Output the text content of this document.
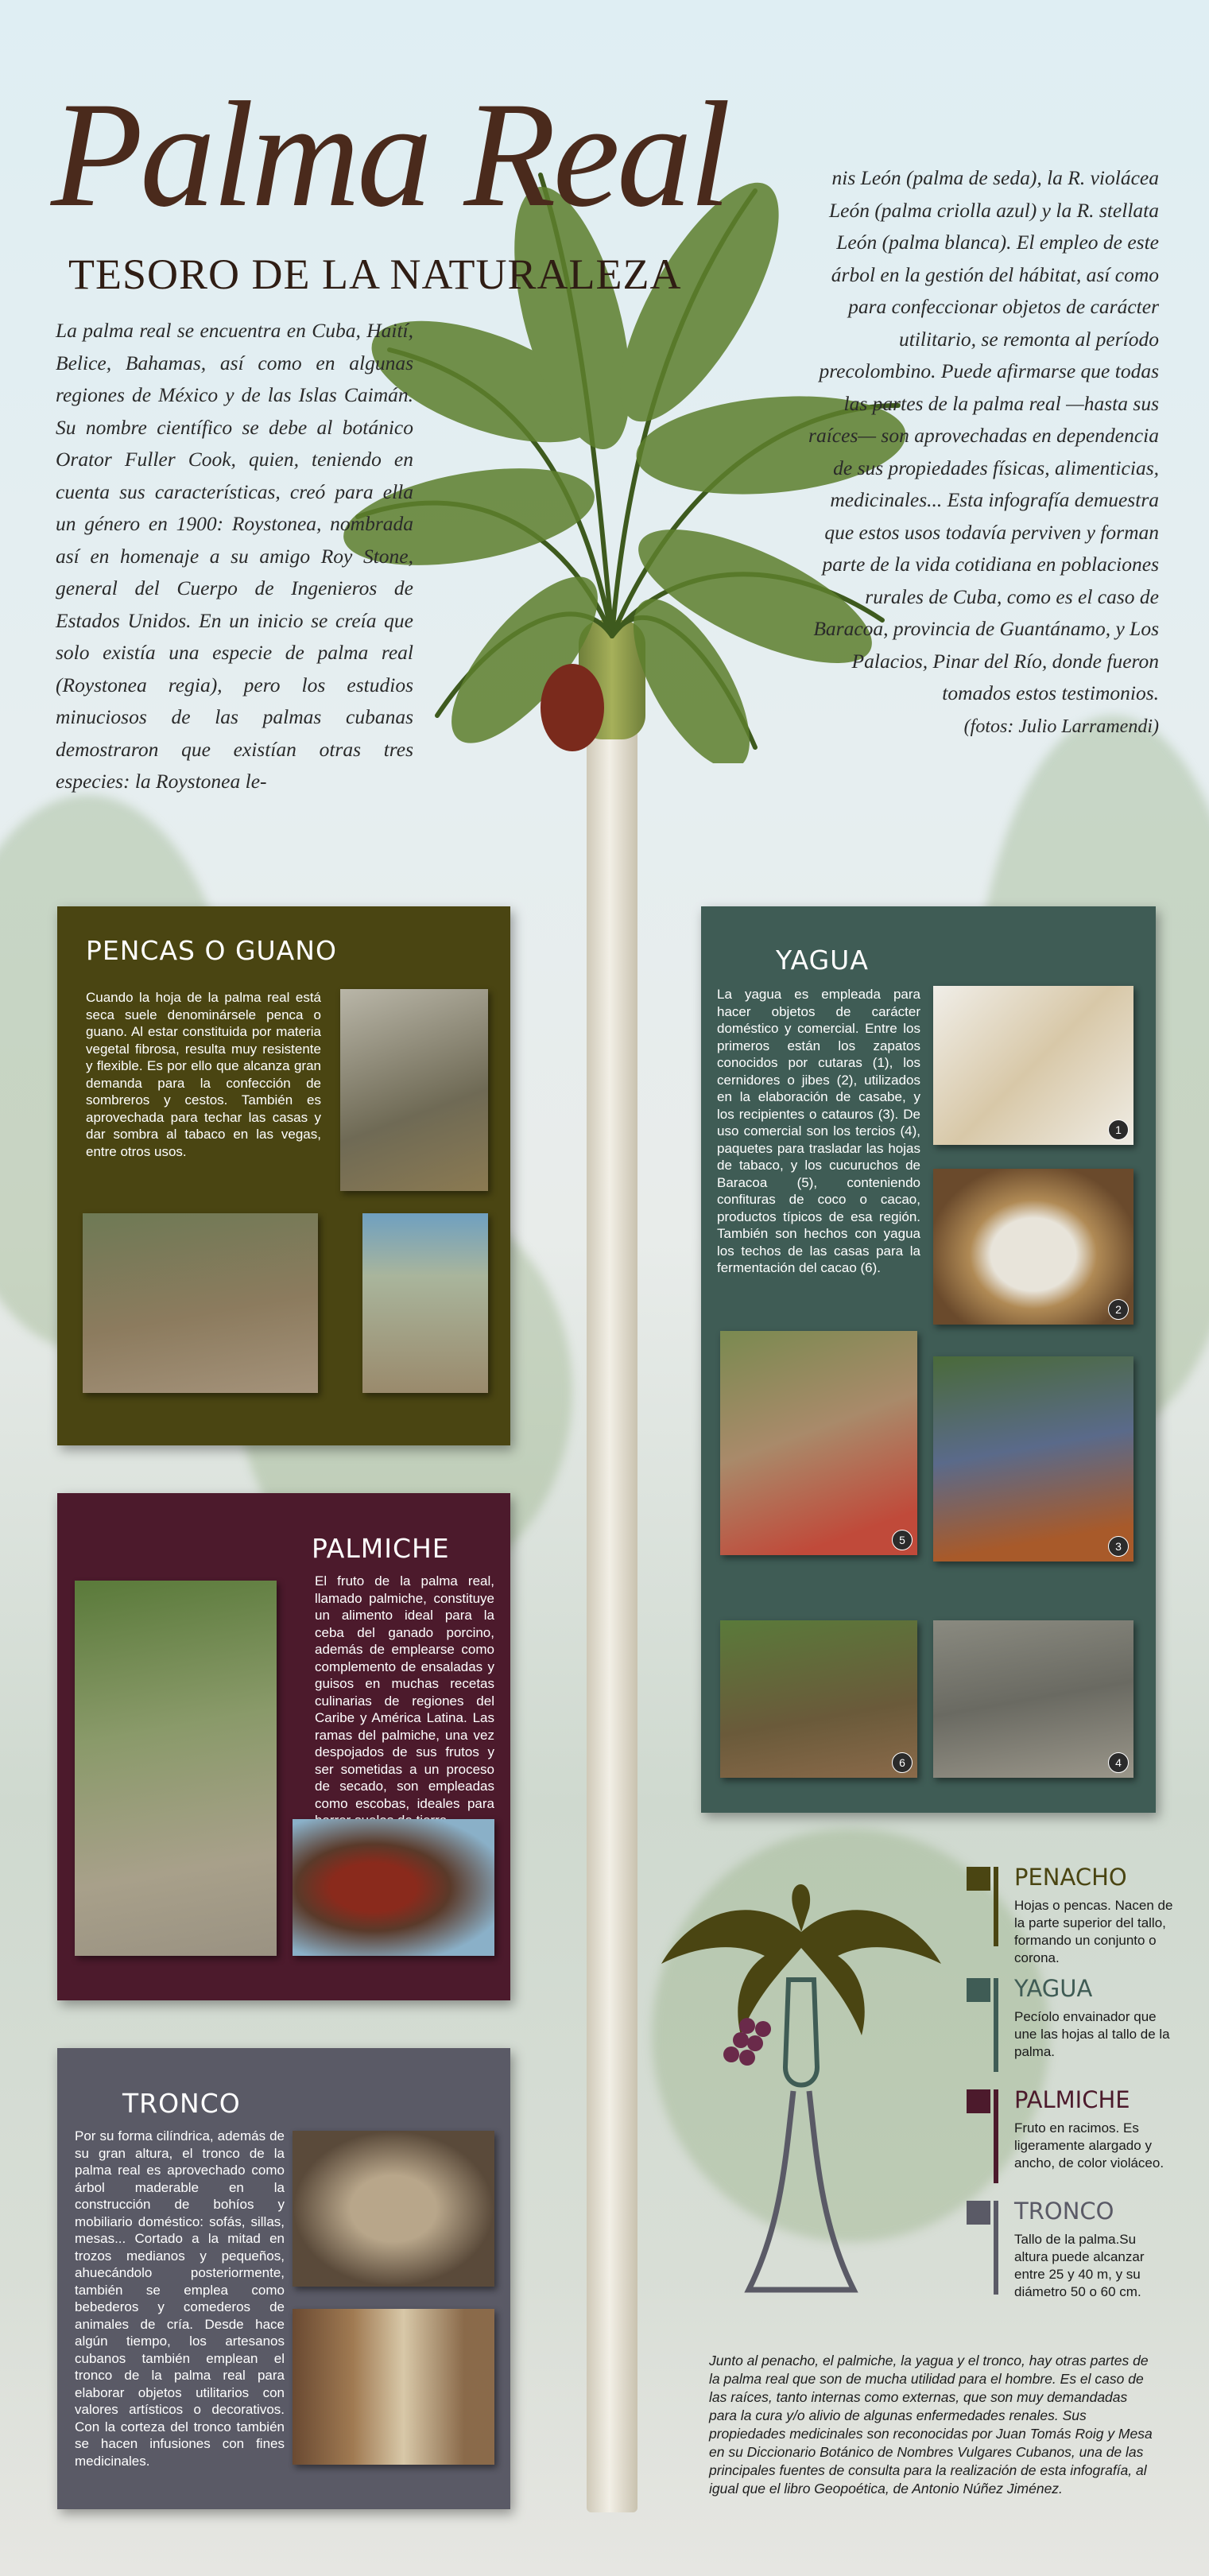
Palma Real
TESORO DE LA NATURALEZA
La palma real se encuentra en Cuba, Haití, Belice, Bahamas, así como en algunas regiones de México y de las Islas Caimán. Su nombre científico se debe al botánico Orator Fuller Cook, quien, teniendo en cuenta sus características, creó para ella un género en 1900: Roystonea, nombrada así en homenaje a su amigo Roy Stone, general del Cuerpo de Ingenieros de Estados Unidos. En un inicio se creía que solo existía una especie de palma real (Roystonea regia), pero los estudios minuciosos de las palmas cubanas demostraron que existían otras tres especies: la Roystonea le-
nis León (palma de seda), la R. violácea León (palma criolla azul) y la R. stellata León (palma blanca). El empleo de este árbol en la gestión del hábitat, así como para confeccionar objetos de carácter utilitario, se remonta al período precolombino. Puede afirmarse que todas las partes de la palma real —hasta sus raíces— son aprovechadas en dependencia de sus propiedades físicas, alimenticias, medicinales... Esta infografía demuestra que estos usos todavía perviven y forman parte de la vida cotidiana en poblaciones rurales de Cuba, como es el caso de Baracoa, provincia de Guantánamo, y Los Palacios, Pinar del Río, donde fueron tomados estos testimonios.
(fotos: Julio Larramendi)
PENCAS O GUANO
Cuando la hoja de la palma real está seca suele denominársele penca o guano. Al estar constituida por materia vegetal fibrosa, resulta muy resistente y flexible. Es por ello que alcanza gran demanda para la confección de sombreros y cestos. También es aprovechada para techar las casas y dar sombra al tabaco en las vegas, entre otros usos.
YAGUA
La yagua es empleada para hacer objetos de carácter doméstico y comercial. Entre los primeros están los zapatos conocidos por cutaras (1), los cernidores o jibes (2), utilizados en la elaboración de casabe, y los recipientes o catauros (3). De uso comercial son los tercios (4), paquetes para trasladar las hojas de tabaco, y los cucuruchos de Baracoa (5), conteniendo confituras de coco o cacao, productos típicos de esa región. También son hechos con yagua los techos de las casas para la fermentación del cacao (6).
1
2
5	3
6	4
PALMICHE
El fruto de la palma real, llamado palmiche, constituye un alimento ideal para la ceba del ganado porcino, además de emplearse como complemento de ensaladas y guisos en muchas recetas culinarias de regiones del Caribe y América Latina. Las ramas del palmiche, una vez despojados de sus frutos y ser sometidas a un proceso de secado, son empleadas como escobas, ideales para
TRONCO
Por su forma cilíndrica, además de su gran altura, el tronco de la palma real es aprovechado como árbol maderable en la construcción de bohíos y mobiliario doméstico: sofás, sillas, mesas... Cortado a la mitad en trozos medianos y pequeños, ahuecándolo posteriormente, también se emplea como bebederos y comederos de animales de cría. Desde hace algún tiempo, los artesanos cubanos también emplean el tronco de la palma real para elaborar objetos utilitarios con valores artísticos o decorativos. Con la corteza del tronco también se hacen infusiones con fines medicinales.
PENACHO
Hojas o pencas. Nacen de la parte superior del tallo, formando un conjunto o corona.
YAGUA
Pecíolo envainador que une las hojas al tallo de la palma.
PALMICHE
Fruto en racimos. Es ligeramente alargado y ancho, de color violáceo.
TRONCO
Tallo de la palma.Su altura puede alcanzar entre 25 y 40 m, y su diámetro 50 o 60 cm.
Junto al penacho, el palmiche, la yagua y el tronco, hay otras partes de la palma real que son de mucha utilidad para el hombre. Es el caso de las raíces, tanto internas como externas, que son muy demandadas para la cura y/o alivio de algunas enfermedades renales. Sus propiedades medicinales son reconocidas por Juan Tomás Roig y Mesa en su Diccionario Botánico de Nombres Vulgares Cubanos, una de las principales fuentes de consulta para la realización de esta infografía, al igual que el libro Geopoética, de Antonio Núñez Jiménez.
